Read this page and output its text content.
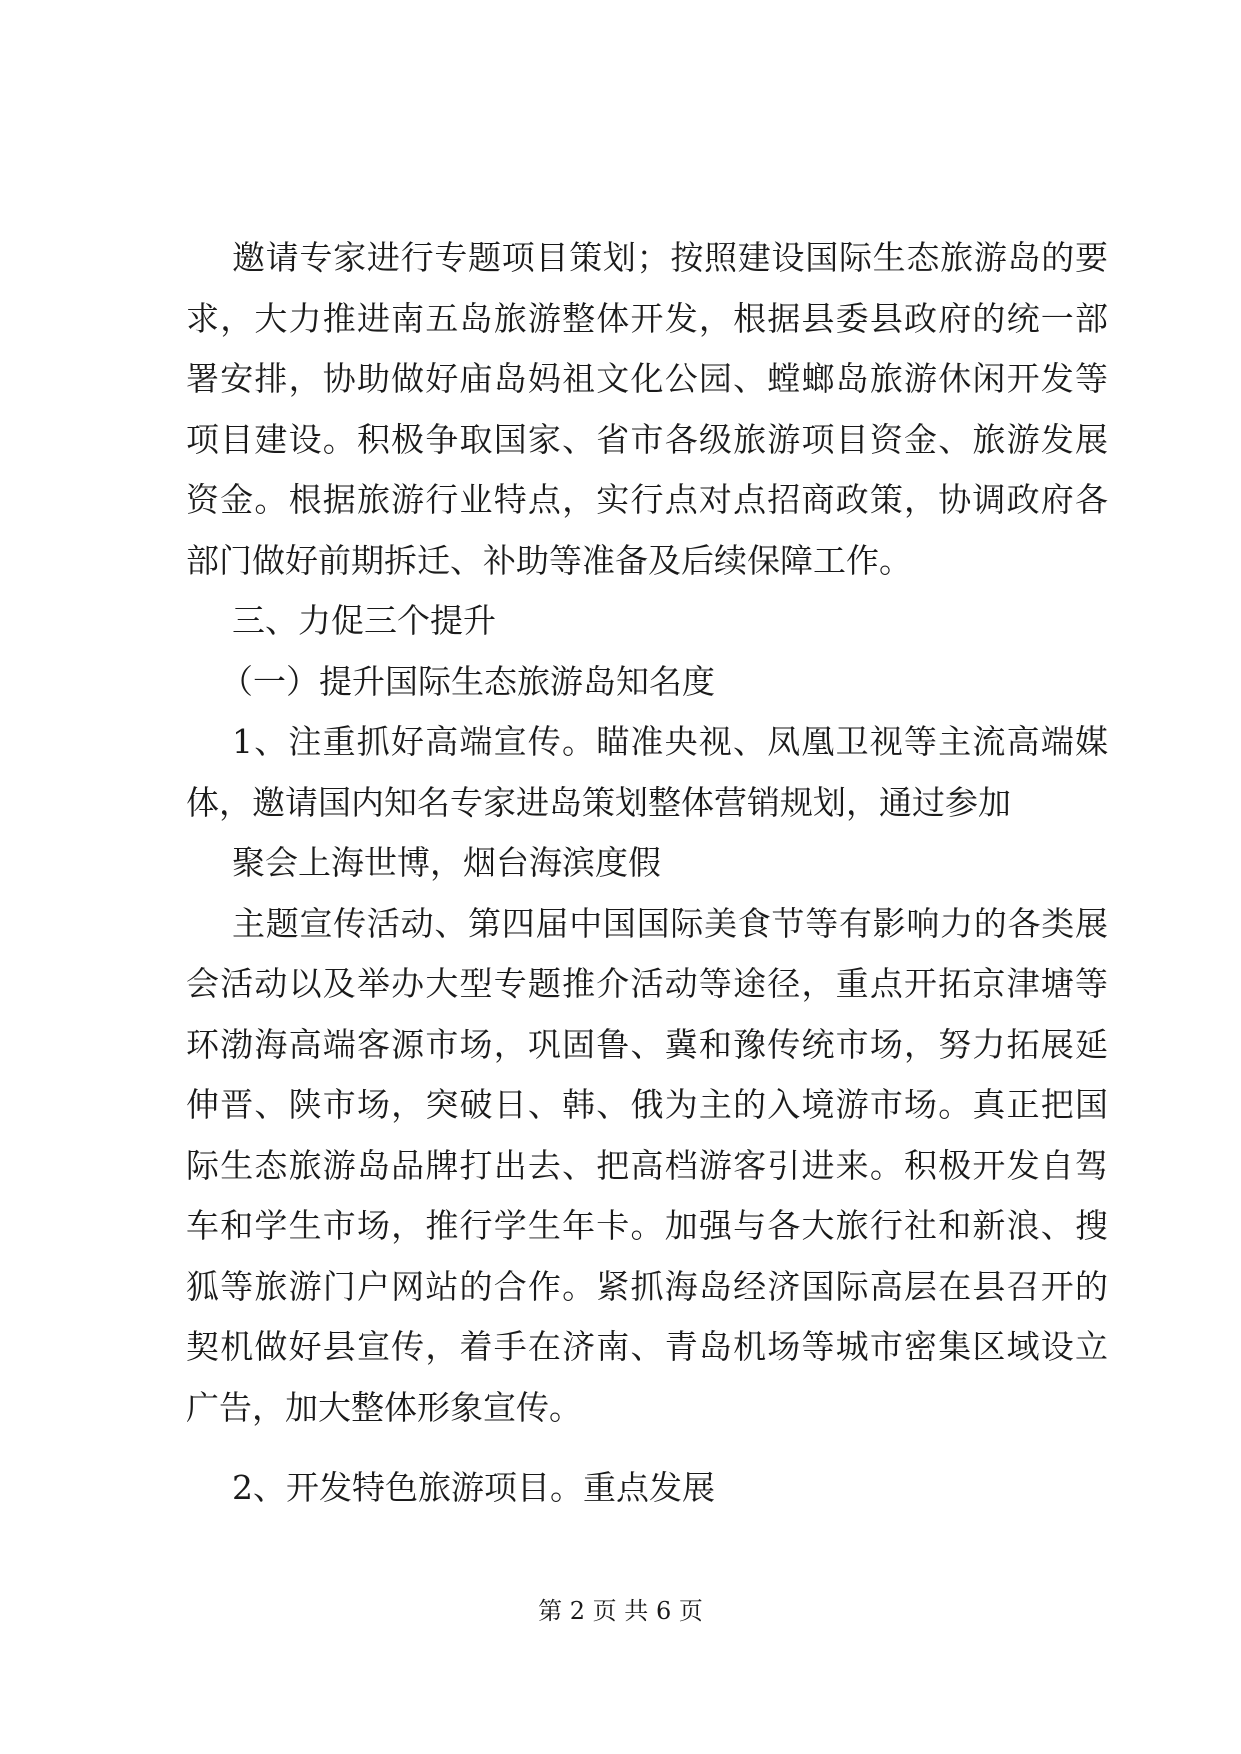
邀请专家进行专题项目策划；按照建设国际生态旅游岛的要求，大力推进南五岛旅游整体开发，根据县委县政府的统一部署安排，协助做好庙岛妈祖文化公园、螳螂岛旅游休闲开发等项目建设。积极争取国家、省市各级旅游项目资金、旅游发展资金。根据旅游行业特点，实行点对点招商政策，协调政府各部门做好前期拆迁、补助等准备及后续保障工作。

三、力促三个提升

（一）提升国际生态旅游岛知名度

1、注重抓好高端宣传。瞄准央视、凤凰卫视等主流高端媒体，邀请国内知名专家进岛策划整体营销规划，通过参加

聚会上海世博，烟台海滨度假

主题宣传活动、第四届中国国际美食节等有影响力的各类展会活动以及举办大型专题推介活动等途径，重点开拓京津塘等环渤海高端客源市场，巩固鲁、冀和豫传统市场，努力拓展延伸晋、陕市场，突破日、韩、俄为主的入境游市场。真正把国际生态旅游岛品牌打出去、把高档游客引进来。积极开发自驾车和学生市场，推行学生年卡。加强与各大旅行社和新浪、搜狐等旅游门户网站的合作。紧抓海岛经济国际高层在县召开的契机做好县宣传，着手在济南、青岛机场等城市密集区域设立广告，加大整体形象宣传。

2、开发特色旅游项目。重点发展

第 2 页 共 6 页
